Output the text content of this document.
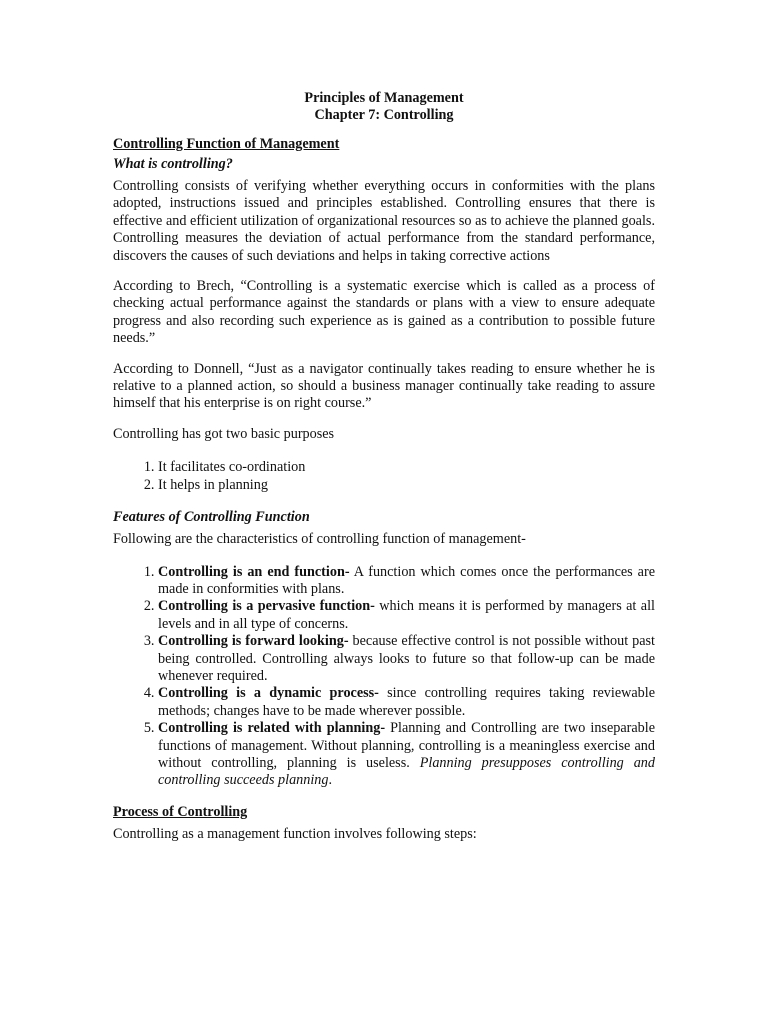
Principles of Management
Chapter 7: Controlling
Controlling Function of Management
What is controlling?

Controlling consists of verifying whether everything occurs in conformities with the plans adopted, instructions issued and principles established. Controlling ensures that there is effective and efficient utilization of organizational resources so as to achieve the planned goals. Controlling measures the deviation of actual performance from the standard performance, discovers the causes of such deviations and helps in taking corrective actions

According to Brech, “Controlling is a systematic exercise which is called as a process of checking actual performance against the standards or plans with a view to ensure adequate progress and also recording such experience as is gained as a contribution to possible future needs.”

According to Donnell, “Just as a navigator continually takes reading to ensure whether he is relative to a planned action, so should a business manager continually take reading to assure himself that his enterprise is on right course.”

Controlling has got two basic purposes

1. It facilitates co-ordination
2. It helps in planning
Features of Controlling Function

Following are the characteristics of controlling function of management-

1. Controlling is an end function- A function which comes once the performances are made in conformities with plans.
2. Controlling is a pervasive function- which means it is performed by managers at all levels and in all type of concerns.
3. Controlling is forward looking- because effective control is not possible without past being controlled. Controlling always looks to future so that follow-up can be made whenever required.
4. Controlling is a dynamic process- since controlling requires taking reviewable methods; changes have to be made wherever possible.
5. Controlling is related with planning- Planning and Controlling are two inseparable functions of management. Without planning, controlling is a meaningless exercise and without controlling, planning is useless. Planning presupposes controlling and controlling succeeds planning.
Process of Controlling

Controlling as a management function involves following steps:
